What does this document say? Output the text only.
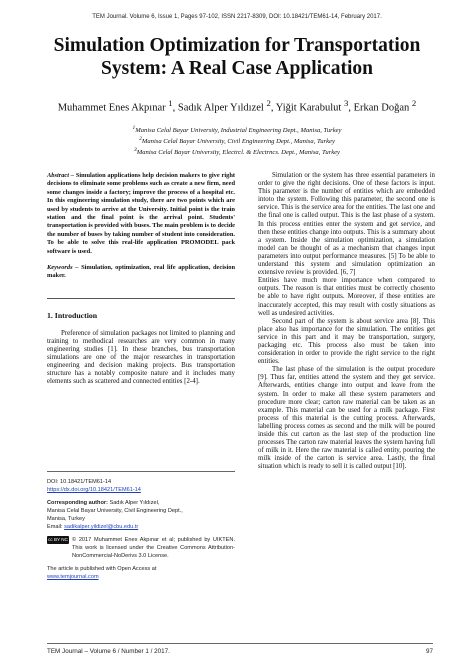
TEM Journal. Volume 6, Issue 1, Pages 97-102, ISSN 2217-8309, DOI: 10.18421/TEM61-14, February 2017.
Simulation Optimization for Transportation
System: A Real Case Application
Muhammet Enes Akpınar $^1$, Sadık Alper Yıldızel $^2$, Yiğit Karabulut $^3$, Erkan Doğan $^2$
$^1$Manisa Celal Bayar University, Industrial Engineering Dept., Manisa, Turkey
$^2$Manisa Celal Bayar University, Civil Engineering Dept., Manisa, Turkey
$^3$Manisa Celal Bayar University, Electrcl. & Electrncs. Dept., Manisa, Turkey

Abstract – Simulation applications help decision makers to give right decisions to eliminate some problems such as create a new firm, need some changes inside a factory; improve the process of a hospital etc. In this engineering simulation study, there are two points which are used by students to arrive at the University. Initial point is the train station and the final point is the arrival point. Students' transportation is provided with buses. The main problem is to decide the number of buses by taking number of student into consideration. To be able to solve this real-life application PROMODEL pack software is used.

Keywords – Simulation, optimization, real life application, decision maker.
1. Introduction
Preference of simulation packages not limited to planning and training to methodical researches are very common in many engineering studies [1]. In these branches, bus transportation simulations are one of the major researches in transportation engineering and decision making projects. Bus transportation structure has a notably composite nature and it includes many elements such as scattered and connected entities [2-4].
DOI: 10.18421/TEM61-14
https://dx.doi.org/10.18421/TEM61-14
Corresponding author: Sadık Alper Yıldızel,
Manisa Celal Bayar University, Civil Engineering Dept.,
Manisa, Turkey
Email: sadikalper.yildizel@cbu.edu.tr
cc BY NC ND
© 2017 Muhammet Enes Akpınar et al; published by UIKTEN. This work is licensed under the Creative Commons Attribution-NonCommercial-NoDerivs 3.0 License.
The article is published with Open Access at
www.temjournal.com

Simulation or the system has three essential parameters in order to give the right decisions. One of these factors is input. This parameter is the number of entities which are embedded intoto the system. Following this parameter, the second one is service. This is the service area for the entities. The last one and the final one is called output. This is the last phase of a system. In this process entities enter the system and get service, and then these entities change into outputs. This is a summary about a system. Inside the simulation optimization, a simulation model can be thought of as a mechanism that changes input parameters into output performance measures. [5] To be able to understand this system and simulation optimization an extensive review is provided. [6, 7]

Entities have much more importance when compared to outputs. The reason is that entities must be correctly chosento be able to have right outputs. Moreover, if these entities are inaccurately accepted, this may result with costly situations as well as undesired activities.

Second part of the system is about service area [8]. This place also has importance for the simulation. The entities get service in this part and it may be transportation, surgery, packaging etc. This process also must be taken into consideration in order to provide the right service to the right entities.

The last phase of the simulation is the output procedure [9]. Thus far, entities attend the system and they get service. Afterwards, entities change into output and leave from the system. In order to make all these system parameters and procedure more clear; carton raw material can be taken as an example. This material can be used for a milk package. First process of this material is the cutting process. Afterwards, labelling process comes as second and the milk will be poured inside this cut carton as the last step of the production line processes The carton raw material leaves the system having full of milk in it. Here the raw material is called entity, pouring the milk inside of the carton is service area. Lastly, the final situation which is ready to sell it is called output [10].

TEM Journal – Volume 6 / Number 1 / 2017.	97
